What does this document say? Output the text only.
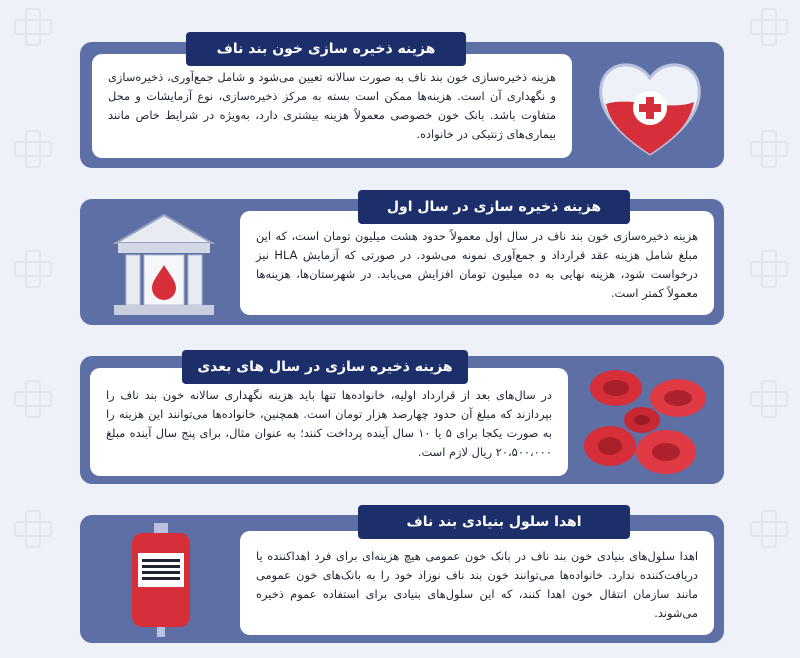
هزینه ذخیره‌سازی خون بند ناف به صورت سالانه تعیین می‌شود و شامل جمع‌آوری، ذخیره‌سازی و نگهداری آن است. هزینه‌ها ممکن است بسته به مرکز ذخیره‌سازی، نوع آزمایشات و محل متفاوت باشد. بانک خون خصوصی معمولاً هزینه بیشتری دارد، به‌ویژه در شرایط خاص مانند بیماری‌های ژنتیکی در خانواده.
هزینه ذخیره سازی خون بند ناف
هزینه ذخیره‌سازی خون بند ناف در سال اول معمولاً حدود هشت میلیون تومان است، که این مبلغ شامل هزینه عقد قرارداد و جمع‌آوری نمونه می‌شود. در صورتی که آزمایش HLA نیز درخواست شود، هزینه نهایی به ده میلیون تومان افزایش می‌یابد. در شهرستان‌ها، هزینه‌ها معمولاً کمتر است.
هزینه ذخیره سازی در سال اول
در سال‌های بعد از قرارداد اولیه، خانواده‌ها تنها باید هزینه نگهداری سالانه خون بند ناف را بپردازند که مبلغ آن حدود چهارصد هزار تومان است. همچنین، خانواده‌ها می‌توانند این هزینه را به صورت یکجا برای ۵ یا ۱۰ سال آینده پرداخت کنند؛ به عنوان مثال، برای پنج سال آینده مبلغ ۲۰،۵۰۰،۰۰۰ ریال لازم است.
هزینه ذخیره سازی در سال های بعدی
اهدا سلول‌های بنیادی خون بند ناف در بانک خون عمومی هیچ هزینه‌ای برای فرد اهداکننده یا دریافت‌کننده ندارد. خانواده‌ها می‌توانند خون بند ناف نوزاد خود را به بانک‌های خون عمومی مانند سازمان انتقال خون اهدا کنند، که این سلول‌های بنیادی برای استفاده عموم ذخیره می‌شوند.
اهدا سلول بنیادی بند ناف
